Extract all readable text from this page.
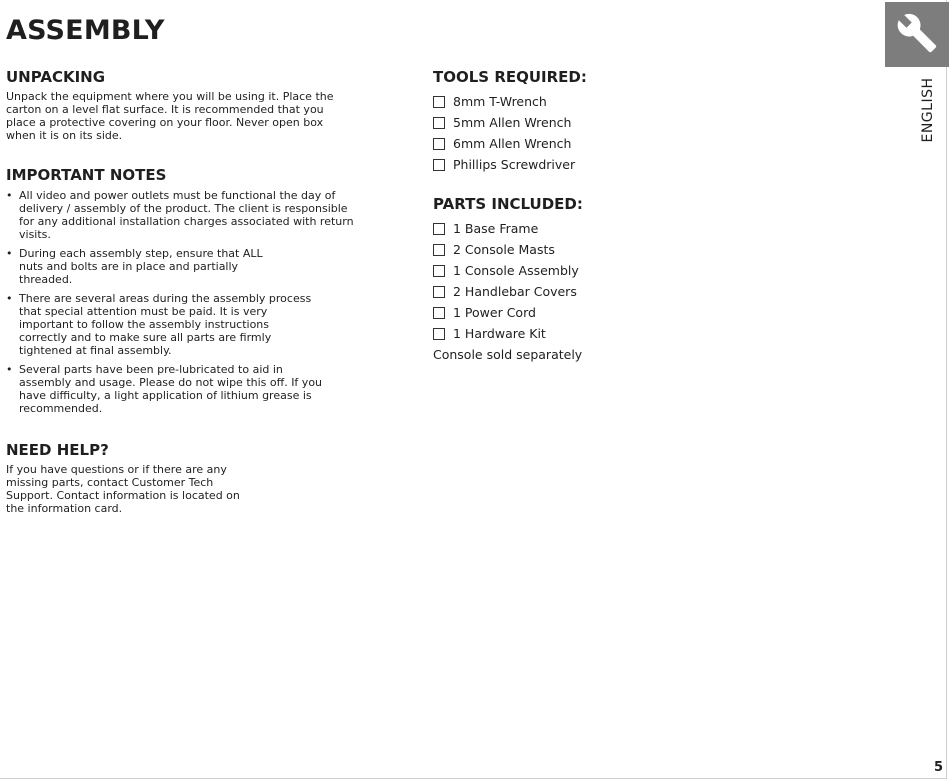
ASSEMBLY
UNPACKING

Unpack the equipment where you will be using it. Place the carton on a level flat surface. It is recommended that you place a protective covering on your floor. Never open box when it is on its side.

IMPORTANT NOTES
• All video and power outlets must be functional the day of delivery / assembly of the product. The client is responsible for any additional installation charges associated with return visits.
• During each assembly step, ensure that ALL nuts and bolts are in place and partially threaded.
• There are several areas during the assembly process that special attention must be paid. It is very important to follow the assembly instructions correctly and to make sure all parts are firmly tightened at final assembly.
• Several parts have been pre-lubricated to aid in assembly and usage. Please do not wipe this off. If you have difficulty, a light application of lithium grease is recommended.
NEED HELP?

If you have questions or if there are any missing parts, contact Customer Tech Support. Contact information is located on the information card.

TOOLS REQUIRED:
8mm T-Wrench
5mm Allen Wrench
6mm Allen Wrench
Phillips Screwdriver
PARTS INCLUDED:
1 Base Frame
2 Console Masts
1 Console Assembly
2 Handlebar Covers
1 Power Cord
1 Hardware Kit
Console sold separately
ENGLISH
5
